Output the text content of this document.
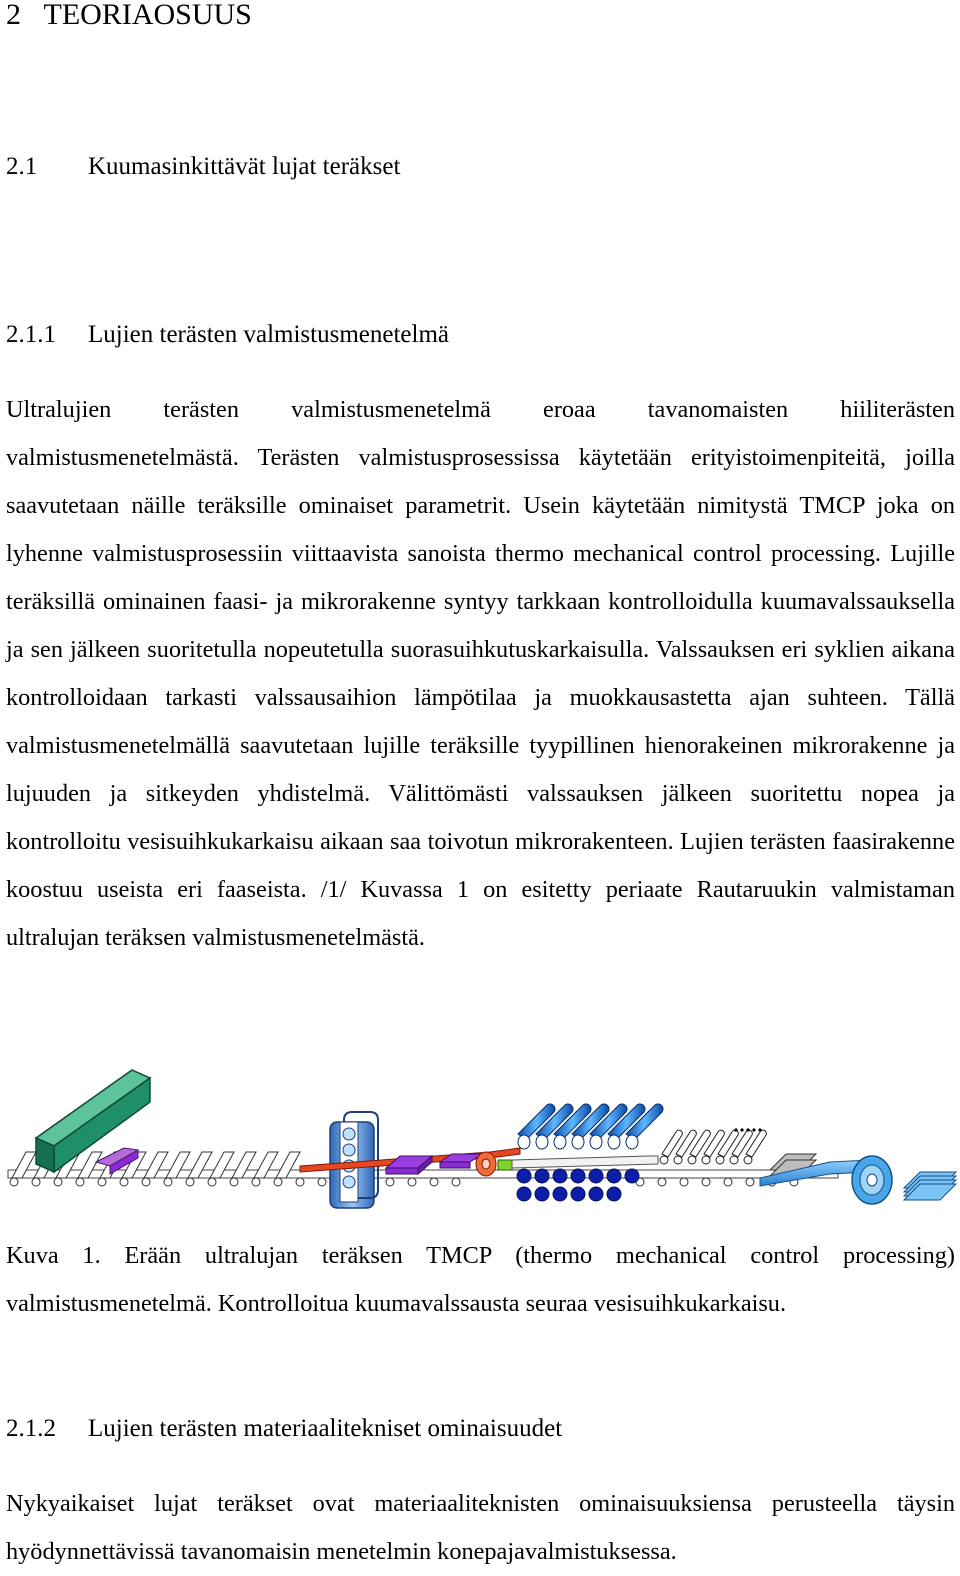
2 TEORIAOSUUS
2.1 Kuumasinkittävät lujat teräkset
2.1.1 Lujien terästen valmistusmenetelmä

Ultralujien terästen valmistusmenetelmä eroaa tavanomaisten hiiliterästen valmistusmenetelmästä. Terästen valmistusprosessissa käytetään erityistoimenpiteitä, joilla saavutetaan näille teräksille ominaiset parametrit. Usein käytetään nimitystä TMCP joka on lyhenne valmistusprosessiin viittaavista sanoista thermo mechanical control processing. Lujille teräksillä ominainen faasi- ja mikrorakenne syntyy tarkkaan kontrolloidulla kuumavalssauksella ja sen jälkeen suoritetulla nopeutetulla suorasuihkutuskarkaisulla. Valssauksen eri syklien aikana kontrolloidaan tarkasti valssausaihion lämpötilaa ja muokkausastetta ajan suhteen. Tällä valmistusmenetelmällä saavutetaan lujille teräksille tyypillinen hienorakeinen mikrorakenne ja lujuuden ja sitkeyden yhdistelmä. Välittömästi valssauksen jälkeen suoritettu nopea ja kontrolloitu vesisuihkukarkaisu aikaan saa toivotun mikrorakenteen. Lujien terästen faasirakenne koostuu useista eri faaseista. /1/ Kuvassa 1 on esitetty periaate Rautaruukin valmistaman ultralujan teräksen valmistusmenetelmästä.

Kuva 1. Erään ultralujan teräksen TMCP (thermo mechanical control processing) valmistusmenetelmä. Kontrolloitua kuumavalssausta seuraa vesisuihkukarkaisu.

2.1.2 Lujien terästen materiaalitekniset ominaisuudet

Nykyaikaiset lujat teräkset ovat materiaaliteknisten ominaisuuksiensa perusteella täysin hyödynnettävissä tavanomaisin menetelmin konepajavalmistuksessa.
